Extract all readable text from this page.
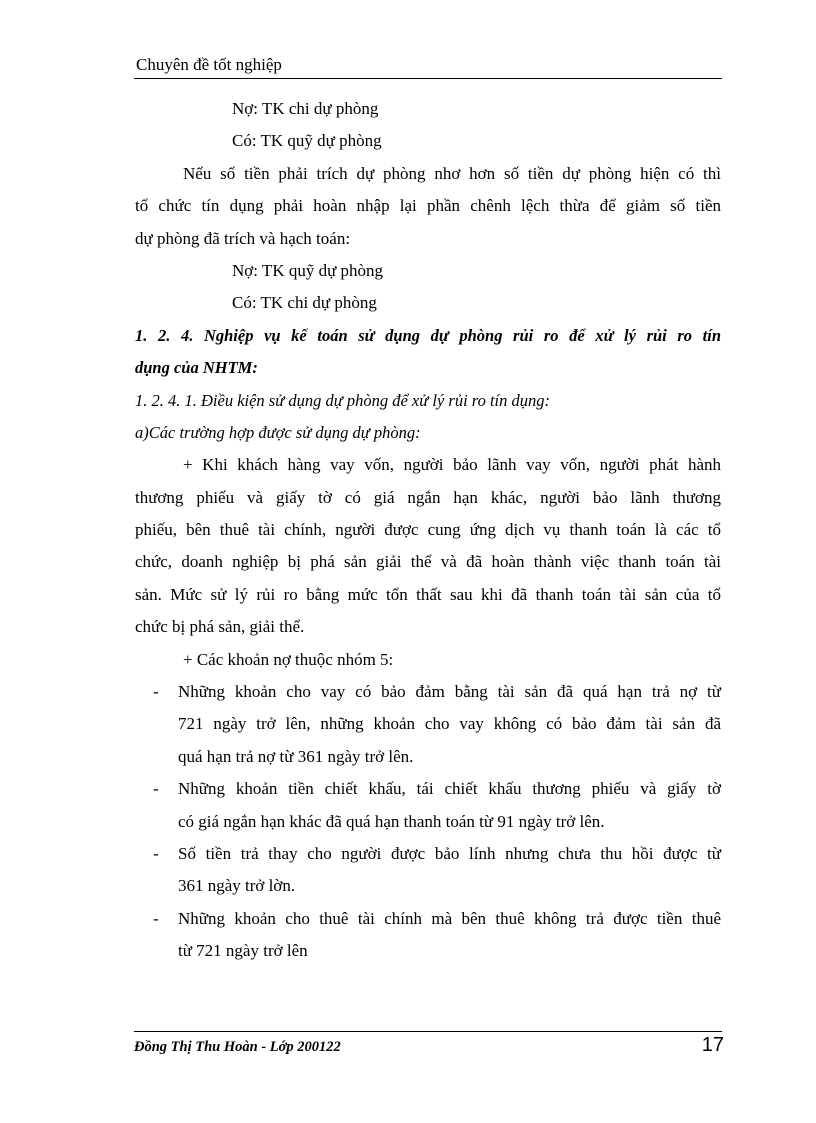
Chuyên đề tốt nghiệp
Nợ: TK chi dự phòng
Có: TK quỹ dự phòng
Nếu số tiền phải trích dự phòng nhơ hơn số tiền dự phòng hiện có thì
tổ chức tín dụng phải hoàn nhập lại phần chênh lệch thừa để giảm số tiền
dự phòng đã trích và hạch toán:
Nợ: TK quỹ dự phòng
Có: TK chi dự phòng
1. 2. 4. Nghiệp vụ kế toán sử dụng dự phòng rủi ro để xử lý rủi ro tín
dụng của NHTM:
1. 2. 4. 1. Điều kiện sử dụng dự phòng để xử lý rủi ro tín dụng:
a)Các trường hợp được sử dụng dự phòng:
+ Khi khách hàng vay vốn, người bảo lãnh vay vốn, người phát hành
thương phiếu và giấy tờ có giá ngắn hạn khác, người bảo lãnh thương
phiếu, bên thuê tài chính, người được cung ứng dịch vụ thanh toán là các tổ
chức, doanh nghiệp bị phá sản giải thể và đã hoàn thành việc thanh toán tài
sản. Mức sử lý rủi ro bằng mức tổn thất sau khi đã thanh toán tài sản của tổ
chức bị phá sản, giải thể.
+ Các khoản nợ thuộc nhóm 5:
- Những khoản cho vay có bảo đảm bằng tài sản đã quá hạn trả nợ từ
721 ngày trở lên, những khoản cho vay không có bảo đảm tài sản đã
quá hạn trả nợ từ 361 ngày trở lên.
- Những khoản tiền chiết khấu, tái chiết khấu thương phiếu và giấy tờ
có giá ngắn hạn khác đã quá hạn thanh toán từ 91 ngày trở lên.
- Số tiền trả thay cho người được bảo lính nhưng chưa thu hồi được từ
361 ngày trở lờn.
- Những khoản cho thuê tài chính mà bên thuê không trả được tiền thuê
từ 721 ngày trở lên
Đồng Thị Thu Hoàn - Lớp 200122	17
